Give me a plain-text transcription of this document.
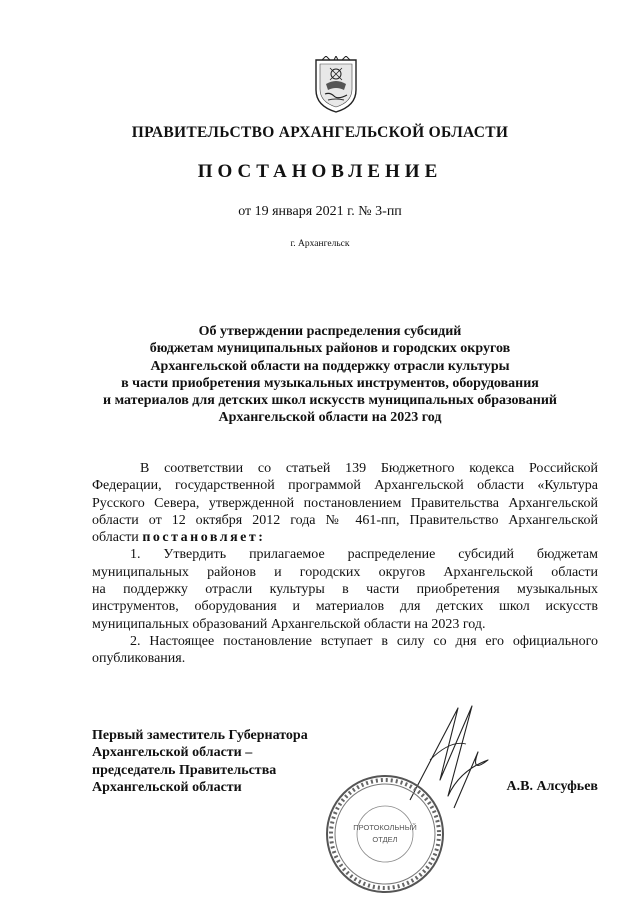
ПРАВИТЕЛЬСТВО АРХАНГЕЛЬСКОЙ ОБЛАСТИ
ПОСТАНОВЛЕНИЕ
от 19 января 2021 г. № 3-пп
г. Архангельск
Об утверждении распределения субсидий
бюджетам муниципальных районов и городских округов
Архангельской области на поддержку отрасли культуры
в части приобретения музыкальных инструментов, оборудования
и материалов для детских школ искусств муниципальных образований
Архангельской области на 2023 год
В соответствии со статьей 139 Бюджетного кодекса Российской
Федерации, государственной программой Архангельской области «Культура
Русского Севера, утвержденной постановлением Правительства Архангельской
области от 12 октября 2012 года № 461-пп, Правительство Архангельской
области постановляет:
1. Утвердить прилагаемое распределение субсидий бюджетам
муниципальных районов и городских округов Архангельской области
на поддержку отрасли культуры в части приобретения музыкальных
инструментов, оборудования и материалов для детских школ искусств
муниципальных образований Архангельской области на 2023 год.
2. Настоящее постановление вступает в силу со дня его официального
опубликования.
Первый заместитель Губернатора
Архангельской области –
председатель Правительства
Архангельской области	А.В. Алсуфьев
ПРОТОКОЛЬНЫЙ
ОТДЕЛ
